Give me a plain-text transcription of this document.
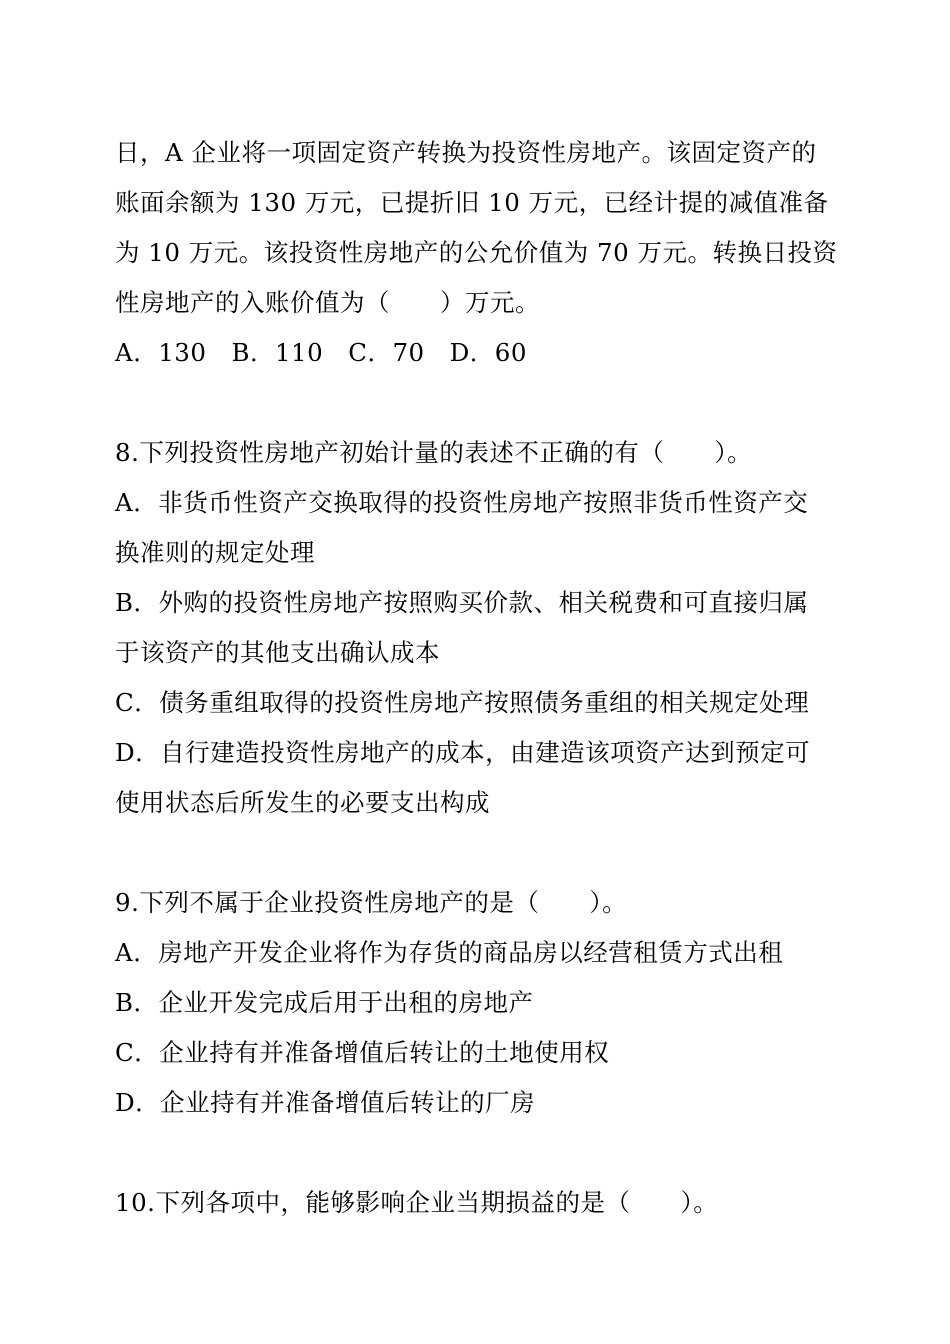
日，A 企业将一项固定资产转换为投资性房地产。该固定资产的
账面余额为 130 万元，已提折旧 10 万元，已经计提的减值准备
为 10 万元。该投资性房地产的公允价值为 70 万元。转换日投资
性房地产的入账价值为（　　）万元。
A．130　B．110　C．70　D．60
8.下列投资性房地产初始计量的表述不正确的有（　　）。
A．非货币性资产交换取得的投资性房地产按照非货币性资产交
换准则的规定处理
B．外购的投资性房地产按照购买价款、相关税费和可直接归属
于该资产的其他支出确认成本
C．债务重组取得的投资性房地产按照债务重组的相关规定处理
D．自行建造投资性房地产的成本，由建造该项资产达到预定可
使用状态后所发生的必要支出构成
9.下列不属于企业投资性房地产的是（　　）。
A．房地产开发企业将作为存货的商品房以经营租赁方式出租
B．企业开发完成后用于出租的房地产
C．企业持有并准备增值后转让的土地使用权
D．企业持有并准备增值后转让的厂房
10.下列各项中，能够影响企业当期损益的是（　　）。
